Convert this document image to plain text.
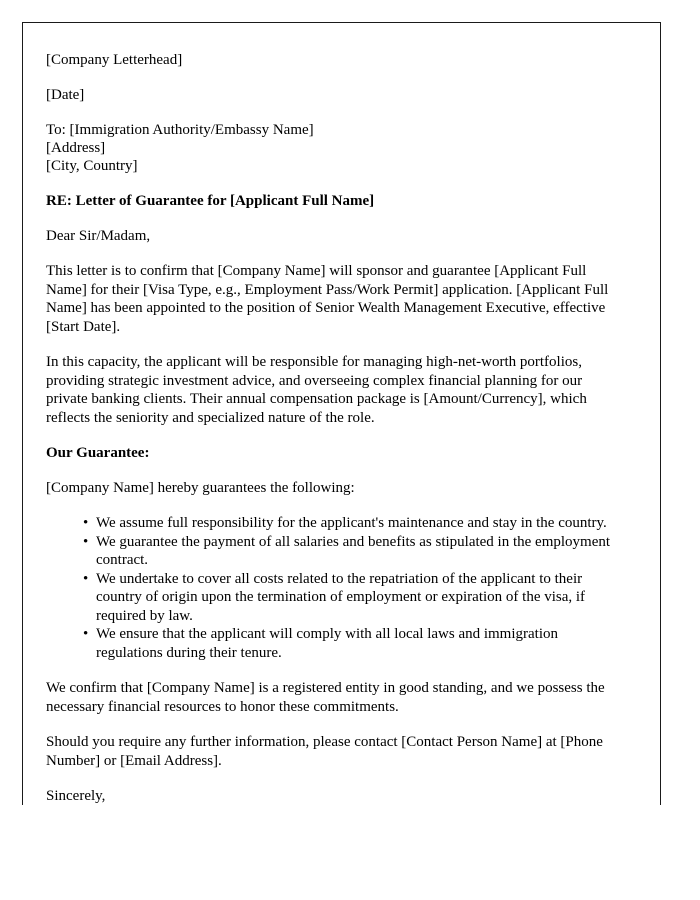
[Company Letterhead]

[Date]

To: [Immigration Authority/Embassy Name]

[Address]

[City, Country]

RE: Letter of Guarantee for [Applicant Full Name]

Dear Sir/Madam,

This letter is to confirm that [Company Name] will sponsor and guarantee [Applicant Full Name] for their [Visa Type, e.g., Employment Pass/Work Permit] application. [Applicant Full Name] has been appointed to the position of Senior Wealth Management Executive, effective [Start Date].

In this capacity, the applicant will be responsible for managing high-net-worth portfolios, providing strategic investment advice, and overseeing complex financial planning for our private banking clients. Their annual compensation package is [Amount/Currency], which reflects the seniority and specialized nature of the role.

Our Guarantee:

[Company Name] hereby guarantees the following:

• We assume full responsibility for the applicant's maintenance and stay in the country.
• We guarantee the payment of all salaries and benefits as stipulated in the employment contract.
• We undertake to cover all costs related to the repatriation of the applicant to their country of origin upon the termination of employment or expiration of the visa, if required by law.
• We ensure that the applicant will comply with all local laws and immigration regulations during their tenure.

We confirm that [Company Name] is a registered entity in good standing, and we possess the necessary financial resources to honor these commitments.

Should you require any further information, please contact [Contact Person Name] at [Phone Number] or [Email Address].

Sincerely,
